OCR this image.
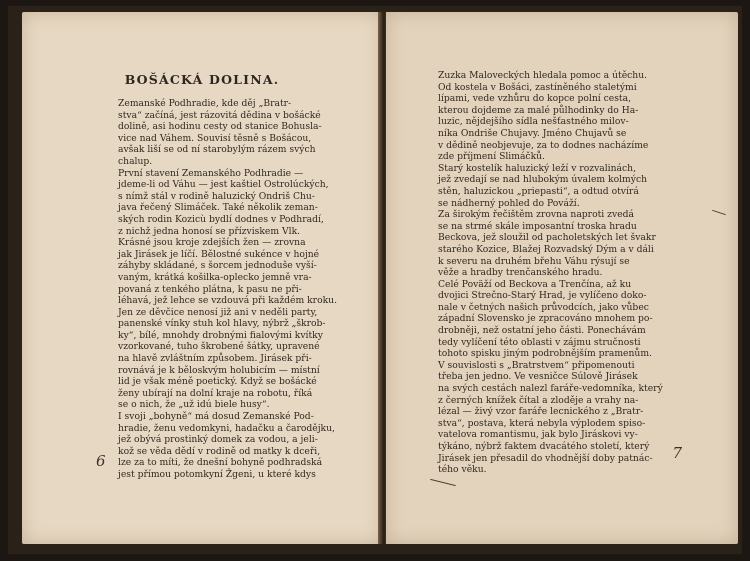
BOŠÁCKÁ DOLINA.
Zemanské Podhradie, kde děj „Bratr-
stva“ začíná, jest rázovitá dědina v bošácké
dolině, asi hodinu cesty od stanice Bohusla-
vice nad Váhem. Souvisí těsně s Bošácou,
avšak liší se od ní starobylým rázem svých
chalup.
První stavení Zemanského Podhradie —
jdeme-li od Váhu — jest kaštiel Ostrolúckých,
s nímž stál v rodině haluzický Ondriš Chu-
java řečený Slimáček. Také několik zeman-
ských rodin Kozicù bydlí dodnes v Podhradí,
z nichž jedna honosí se přízviskem Vlk.
Krásné jsou kroje zdejších žen — zrovna
jak Jirásek je líčí. Bělostné sukénce v hojné
záhyby skládané, s šorcem jednoduše vyší-
vaným, krátká košilka-oplecko jemně vra-
povaná z tenkého plátna, k pasu ne při-
léhavá, jež lehce se vzdouvá při každém kroku.
Jen ze děvčice nenosí již ani v neděli party,
panenské vínky stuh kol hlavy, nýbrž „škrob-
ky“, bílé, mnohdy drobnými fialovými kvítky
vzorkované, tuho škrobené šátky, upravené
na hlavě zvláštním způsobem. Jirásek při-
rovnává je k běloskvým holubicím — místní
lid je však méně poetický. Když se bošácké
ženy ubírají na dolní kraje na robotu, říká
se o nich, že „už idú biele husy“.
I svoji „bohyně“ má dosud Zemanské Pod-
hradie, ženu vedomkyni, hadačku a čarodějku,
jež obývá prostinký domek za vodou, a jeli-
kož se věda dědí v rodině od matky k dceři,
lze za to míti, že dnešní bohyně podhradská
jest přímou potomkyní Žgeni, u které kdys
6
Zuzka Maloveckých hledala pomoc a útěchu.
Od kostela v Bošáci, zastíněného staletými
lípami, vede vzhůru do kopce polní cesta,
kterou dojdeme za malé půlhodinky do Ha-
luzic, nějdejšího sídla nešťastného milov-
níka Ondriše Chujavy. Jméno Chujavů se
v dědině neobjevuje, za to dodnes nacházíme
zde příjmení Slimáčků.
Starý kostelík haluzický leží v rozvalinách,
jež zvedají se nad hlubokým úvalem kolmých
stěn, haluzickou „priepasti“, a odtud otvírá
se nádherný pohled do Pováží.
Za širokým řečištěm zrovna naproti zvedá
se na strmé skále imposantní troska hradu
Beckova, jež sloužil od pacholetských let švakr
starého Kozice, Blažej Rozvadský Dým a v dáli
k severu na druhém břehu Váhu rýsují se
věže a hradby trenčanského hradu.
Celé Poväží od Beckova a Trenčína, až ku
dvojici Strečno-Starý Hrad, je vylíčeno doko-
nale v četných našich průvodcích, jako vůbec
západní Slovensko je zpracováno mnohem po-
drobněji, než ostatní jeho části. Ponechávám
tedy vylíčení této oblasti v zájmu stručnosti
tohoto spisku jiným podrobnějším pramenům.
V souvislosti s „Bratrstvem“ připomenouti
třeba jen jedno. Ve vesničce Súlově Jirásek
na svých cestách nalezl faráře-vedomníka, který
z černých knížek čítal a zloděje a vrahy na-
lézal — živý vzor faráře lecnického z „Bratr-
stva“, postava, která nebyla výplodem spiso-
vatelova romantismu, jak bylo Jiráskovi vy-
týkáno, nýbrž faktem dvacátého století, který
Jirásek jen přesadil do vhodnější doby patnác-
tého věku.
7
